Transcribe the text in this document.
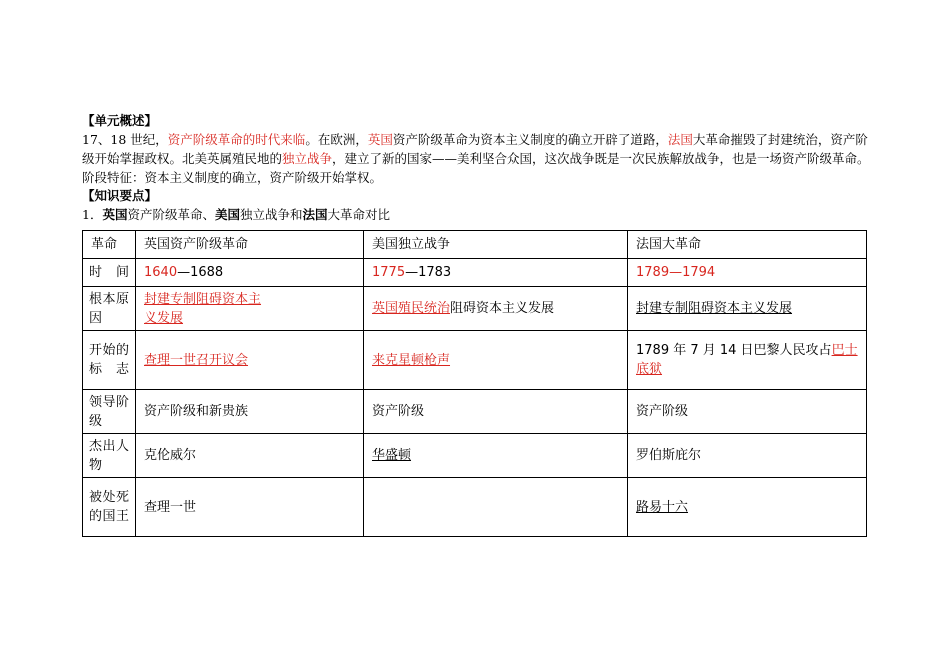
【单元概述】

17、18 世纪，资产阶级革命的时代来临。在欧洲，英国资产阶级革命为资本主义制度的确立开辟了道路，法国大革命摧毁了封建统治，资产阶级开始掌握政权。北美英属殖民地的独立战争，建立了新的国家——美利坚合众国，这次战争既是一次民族解放战争，也是一场资产阶级革命。

阶段特征：资本主义制度的确立，资产阶级开始掌权。

【知识要点】

1．英国资产阶级革命、美国独立战争和法国大革命对比

革命	英国资产阶级革命	美国独立战争	法国大革命
时间	1640—1688	1775—1783	1789—1794
根本原因	封建专制阻碍资本主义发展	英国殖民统治阻碍资本主义发展	封建专制阻碍资本主义发展
开始的标志	查理一世召开议会	来克星顿枪声	1789 年 7 月 14 日巴黎人民攻占巴士底狱
领导阶级	资产阶级和新贵族	资产阶级	资产阶级
杰出人物	克伦威尔	华盛顿	罗伯斯庇尔
被处死的国王	查理一世		路易十六
